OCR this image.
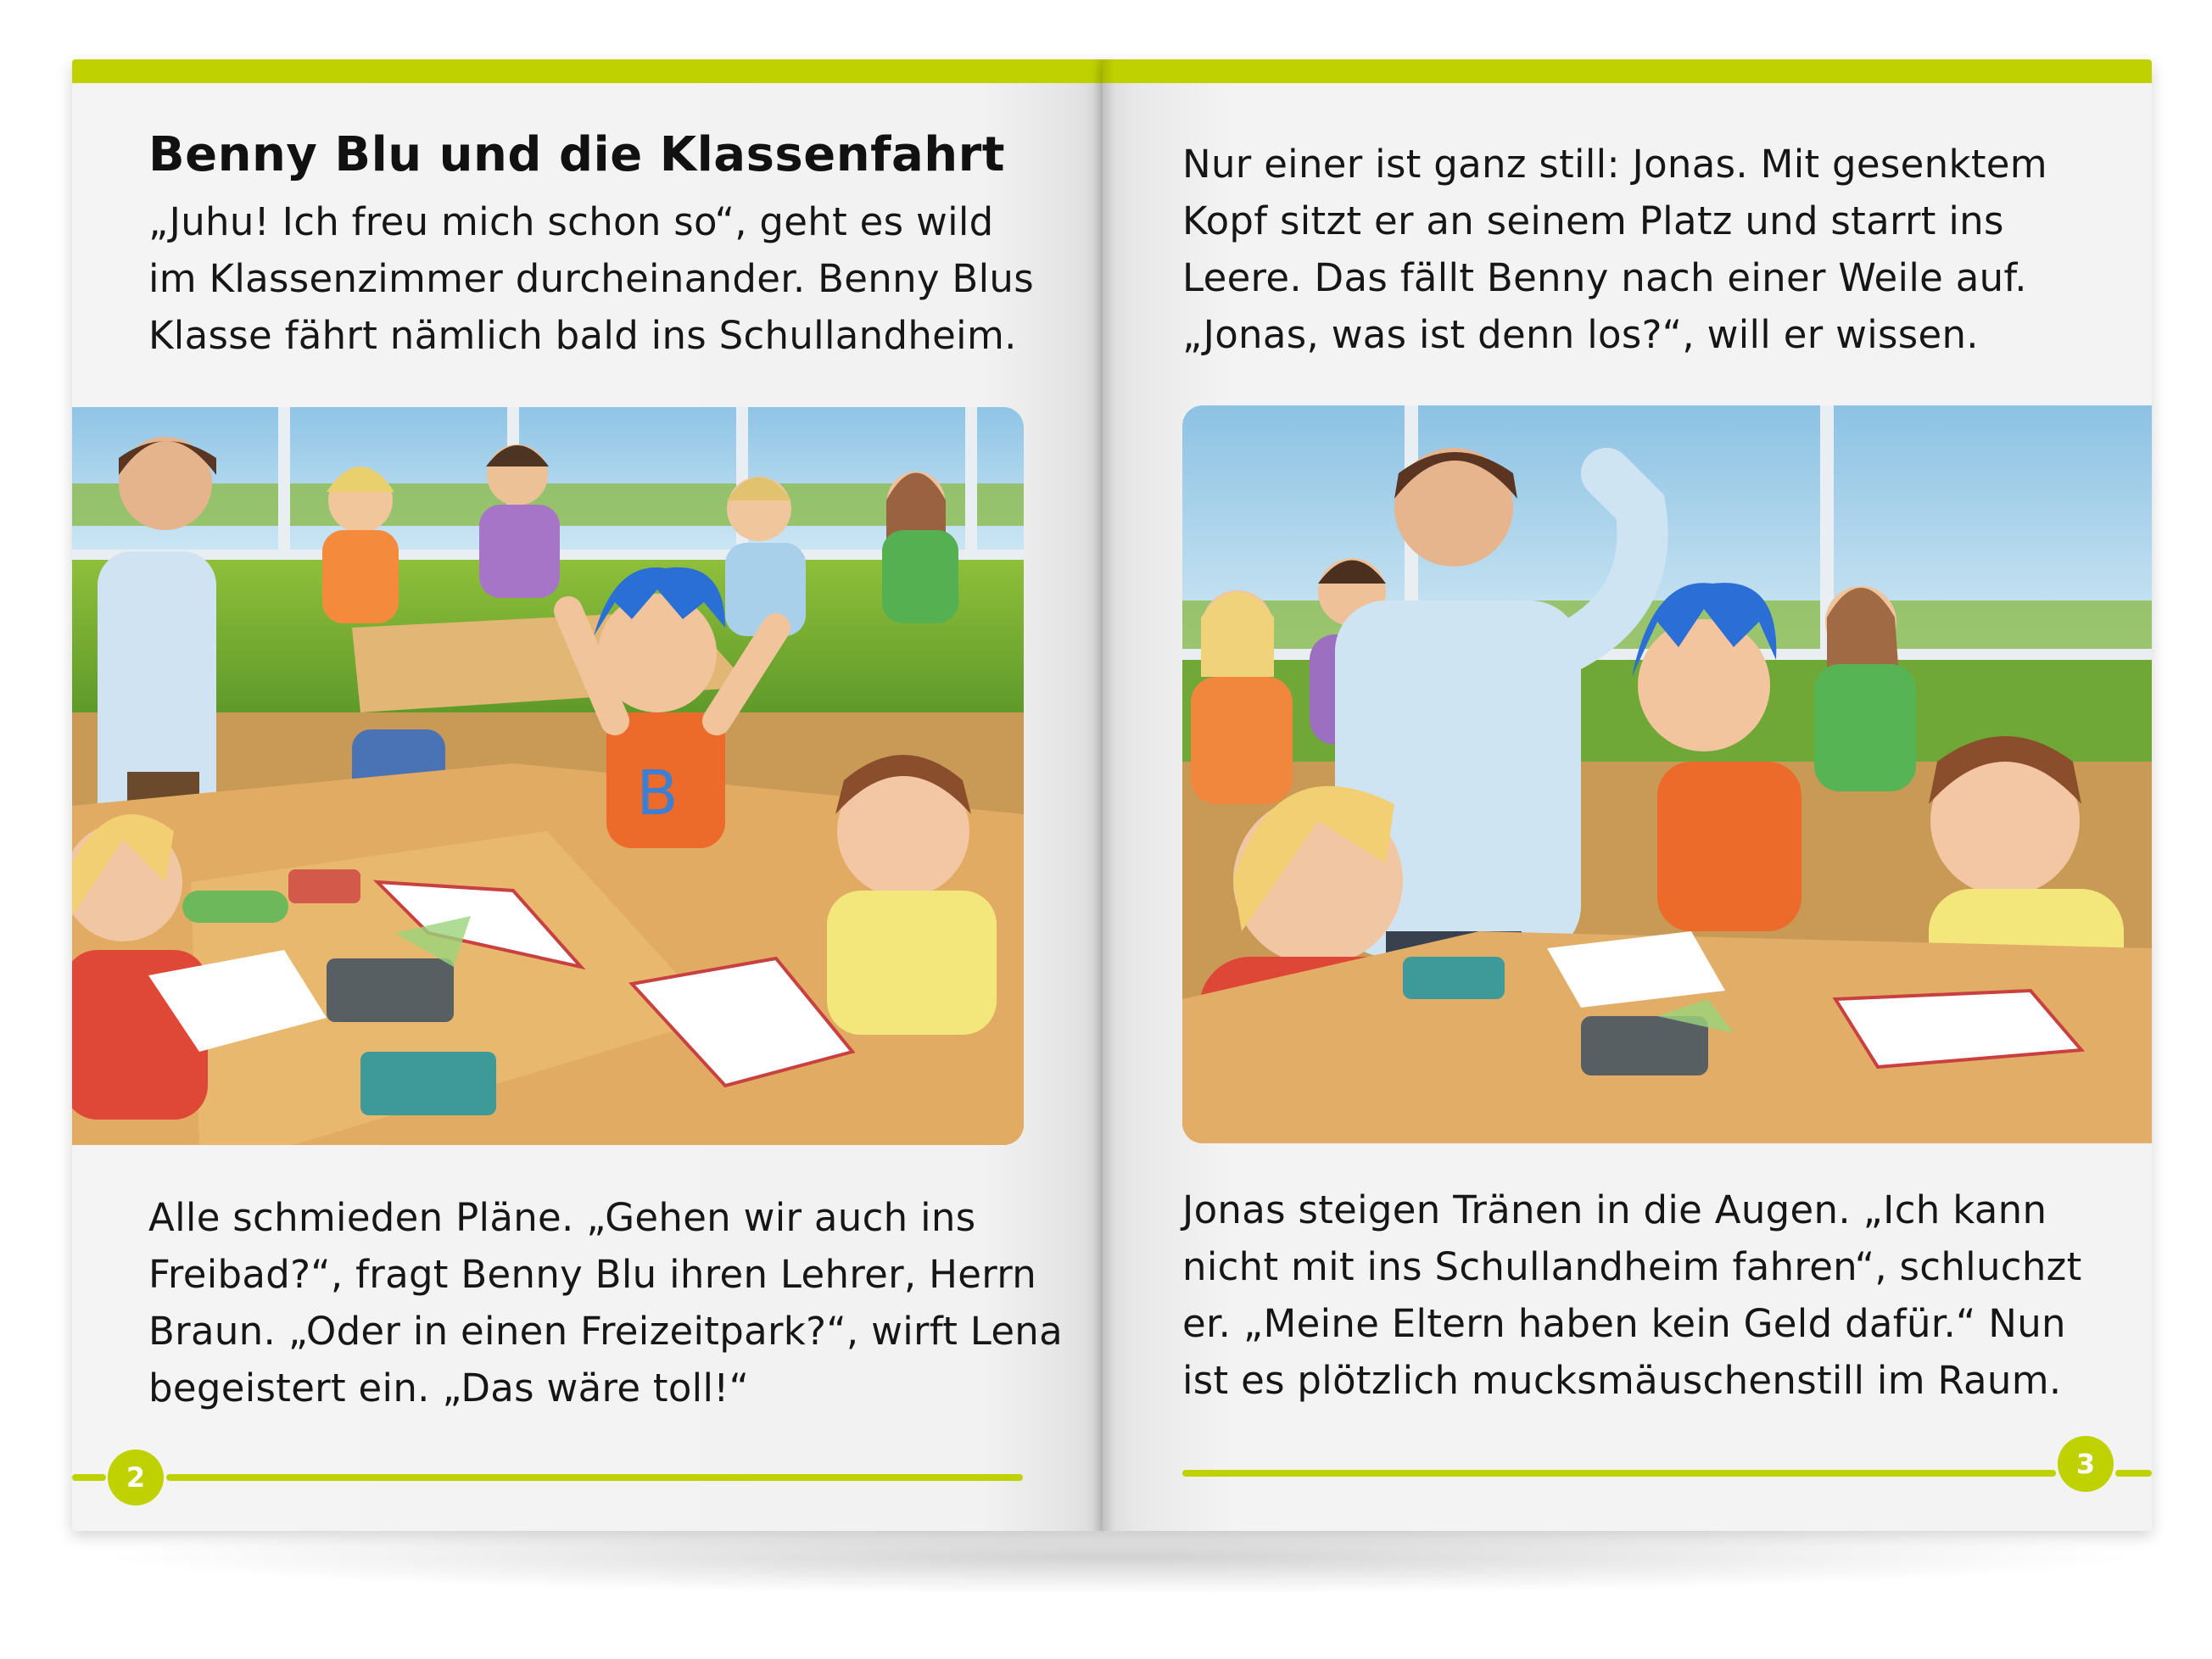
Benny Blu und die Klassenfahrt

„Juhu! Ich freu mich schon so“, geht es wild
im Klassenzimmer durcheinander. Benny Blus
Klasse fährt nämlich bald ins Schullandheim.

B

Alle schmieden Pläne. „Gehen wir auch ins
Freibad?“, fragt Benny Blu ihren Lehrer, Herrn
Braun. „Oder in einen Freizeitpark?“, wirft Lena
begeistert ein. „Das wäre toll!“

2

Nur einer ist ganz still: Jonas. Mit gesenktem
Kopf sitzt er an seinem Platz und starrt ins
Leere. Das fällt Benny nach einer Weile auf.
„Jonas, was ist denn los?“, will er wissen.

Jonas steigen Tränen in die Augen. „Ich kann
nicht mit ins Schullandheim fahren“, schluchzt
er. „Meine Eltern haben kein Geld dafür.“ Nun
ist es plötzlich mucksmäuschenstill im Raum.

3
